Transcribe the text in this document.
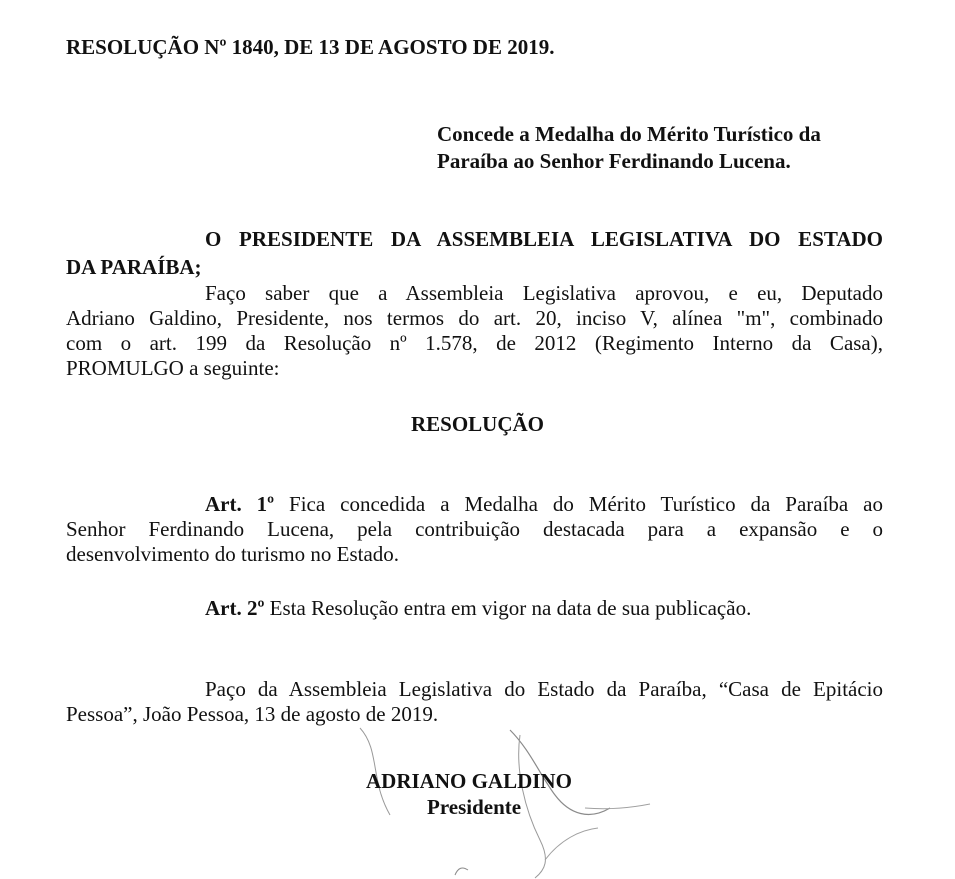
RESOLUÇÃO Nº 1840, DE 13 DE AGOSTO DE 2019.
Concede a Medalha do Mérito Turístico da
Paraíba ao Senhor Ferdinando Lucena.
O PRESIDENTE DA ASSEMBLEIA LEGISLATIVA DO ESTADO
DA PARAÍBA;
Faço saber que a Assembleia Legislativa aprovou, e eu, Deputado
Adriano Galdino, Presidente, nos termos do art. 20, inciso V, alínea "m", combinado
com o art. 199 da Resolução nº 1.578, de 2012 (Regimento Interno da Casa),
PROMULGO a seguinte:
RESOLUÇÃO
Art. 1º Fica concedida a Medalha do Mérito Turístico da Paraíba ao
Senhor Ferdinando Lucena, pela contribuição destacada para a expansão e o
desenvolvimento do turismo no Estado.
Art. 2º Esta Resolução entra em vigor na data de sua publicação.
Paço da Assembleia Legislativa do Estado da Paraíba, “Casa de Epitácio
Pessoa”, João Pessoa, 13 de agosto de 2019.
ADRIANO GALDINO
Presidente
